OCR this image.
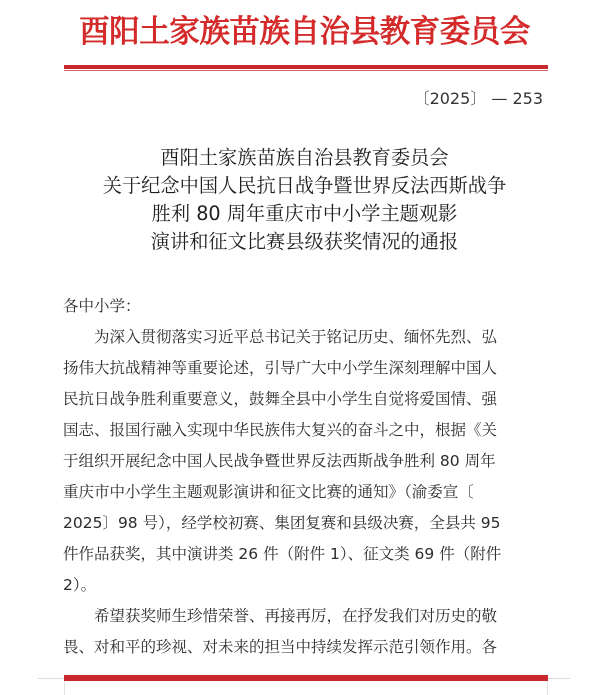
酉阳土家族苗族自治县教育委员会
〔2025〕 — 253
酉阳土家族苗族自治县教育委员会
关于纪念中国人民抗日战争暨世界反法西斯战争
胜利 80 周年重庆市中小学主题观影
演讲和征文比赛县级获奖情况的通报
各中小学：
为深入贯彻落实习近平总书记关于铭记历史、缅怀先烈、弘
扬伟大抗战精神等重要论述，引导广大中小学生深刻理解中国人
民抗日战争胜利重要意义，鼓舞全县中小学生自觉将爱国情、强
国志、报国行融入实现中华民族伟大复兴的奋斗之中，根据《关
于组织开展纪念中国人民战争暨世界反法西斯战争胜利 80 周年
重庆市中小学生主题观影演讲和征文比赛的通知》（渝委宣〔
2025〕98 号），经学校初赛、集团复赛和县级决赛，全县共 95
件作品获奖，其中演讲类 26 件（附件 1）、征文类 69 件（附件
2）。
希望获奖师生珍惜荣誉、再接再厉，在抒发我们对历史的敬
畏、对和平的珍视、对未来的担当中持续发挥示范引领作用。各
